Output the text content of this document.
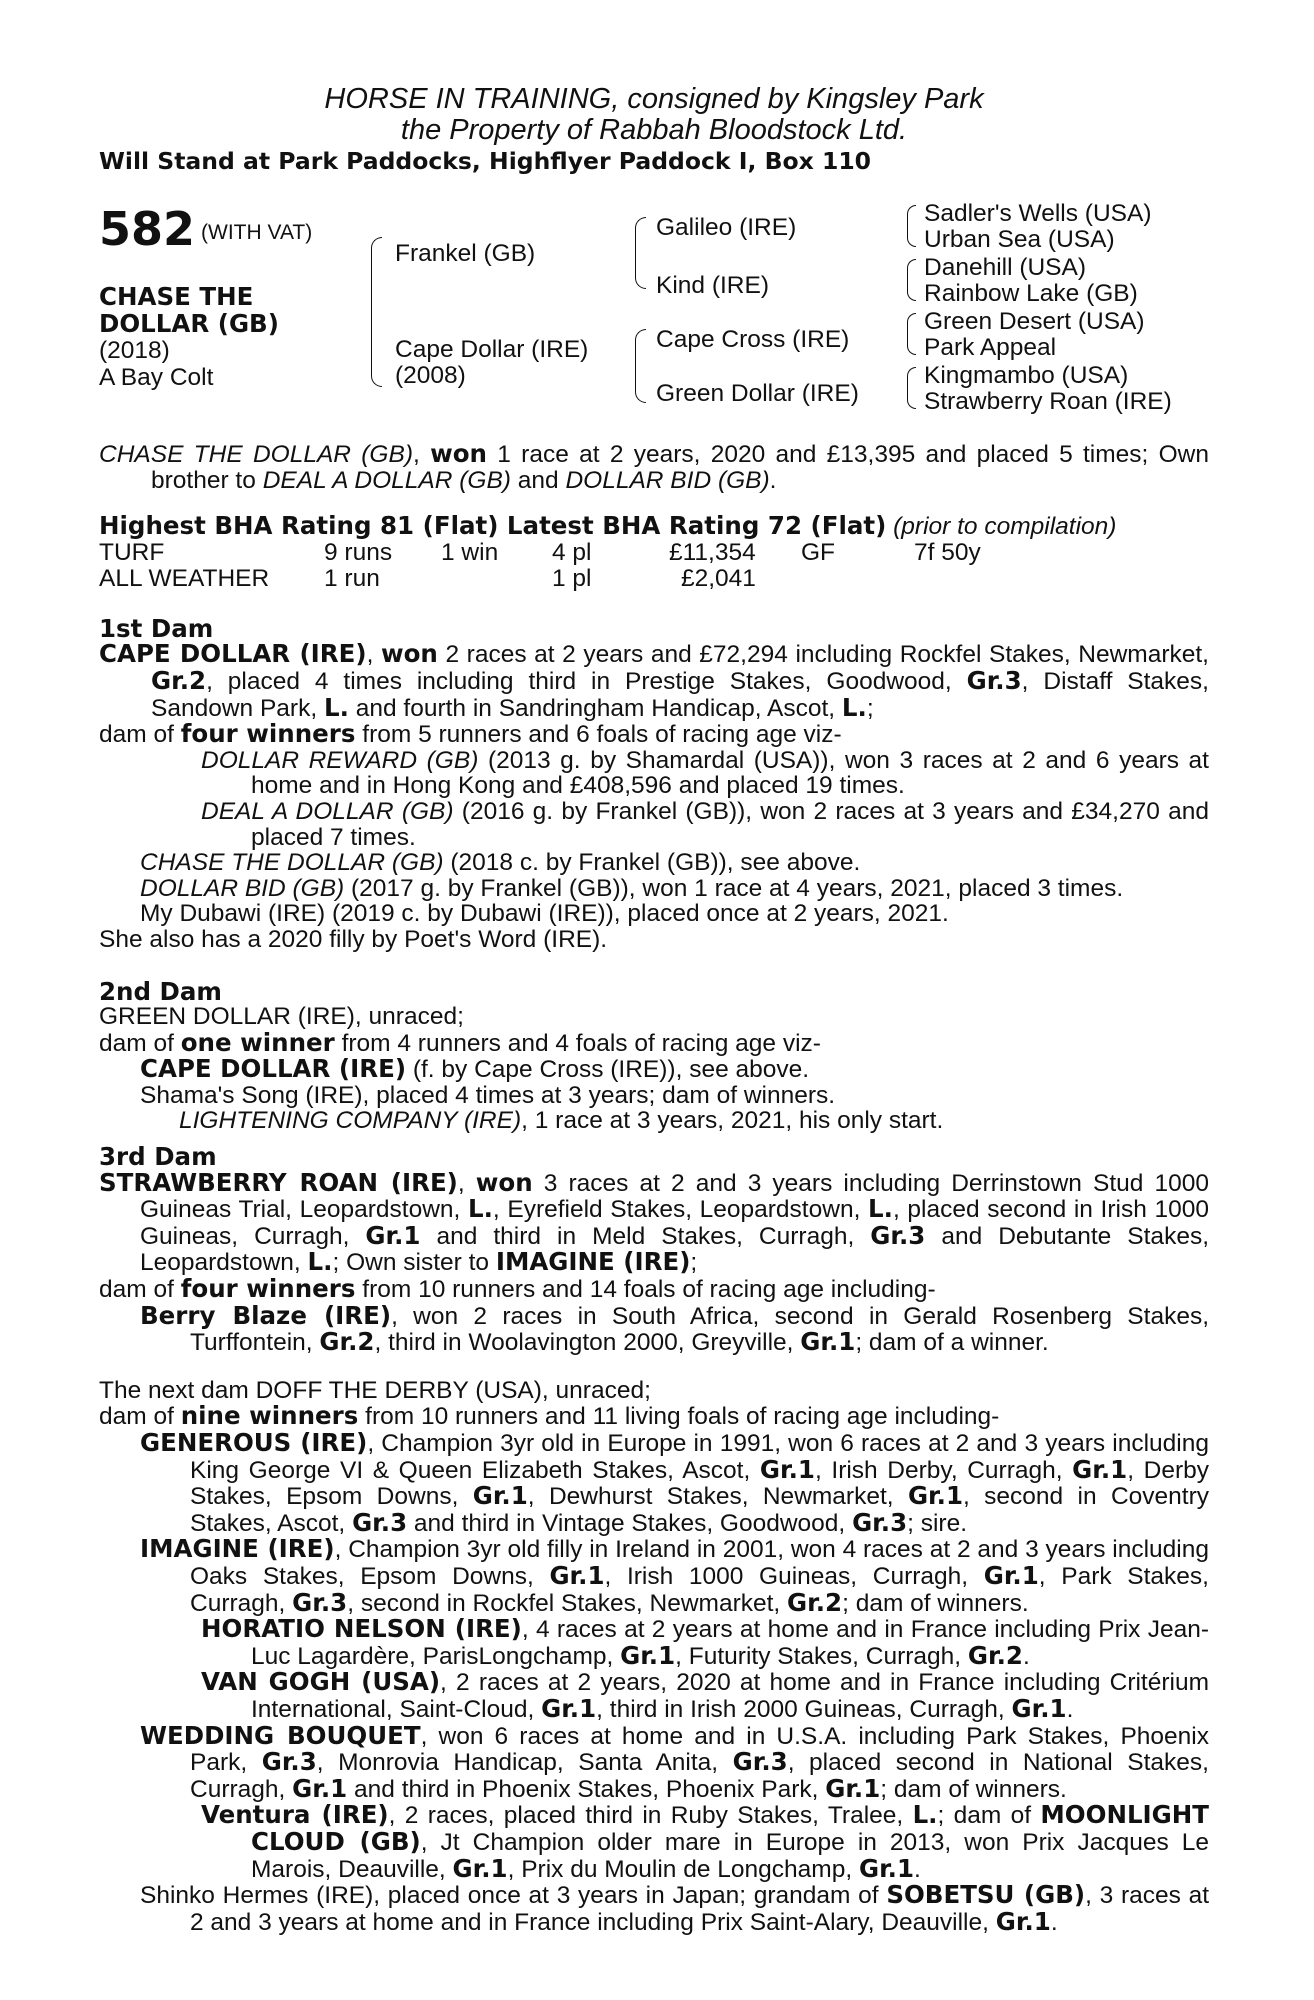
HORSE IN TRAINING, consigned by Kingsley Park
the Property of Rabbah Bloodstock Ltd.
Will Stand at Park Paddocks, Highflyer Paddock I, Box 110
582 (WITH VAT)
CHASE THE
DOLLAR (GB)
(2018)
A Bay Colt
Frankel (GB)
Cape Dollar (IRE)
(2008)
Galileo (IRE)
Kind (IRE)
Cape Cross (IRE)
Green Dollar (IRE)
Sadler's Wells (USA)
Urban Sea (USA)
Danehill (USA)
Rainbow Lake (GB)
Green Desert (USA)
Park Appeal
Kingmambo (USA)
Strawberry Roan (IRE)

CHASE THE DOLLAR (GB), won 1 race at 2 years, 2020 and £13,395 and placed 5 times; Own brother to DEAL A DOLLAR (GB) and DOLLAR BID (GB).

Highest BHA Rating 81 (Flat) Latest BHA Rating 72 (Flat) (prior to compilation)
TURF	9 runs 1 win 4 pl	£11,354 GF	7f 50y
ALL WEATHER 1 run	1 pl	£2,041
1st Dam

CAPE DOLLAR (IRE), won 2 races at 2 years and £72,294 including Rockfel Stakes, Newmarket, Gr.2, placed 4 times including third in Prestige Stakes, Goodwood, Gr.3, Distaff Stakes, Sandown Park, L. and fourth in Sandringham Handicap, Ascot, L.;

dam of four winners from 5 runners and 6 foals of racing age viz-

DOLLAR REWARD (GB) (2013 g. by Shamardal (USA)), won 3 races at 2 and 6 years at home and in Hong Kong and £408,596 and placed 19 times.

DEAL A DOLLAR (GB) (2016 g. by Frankel (GB)), won 2 races at 3 years and £34,270 and placed 7 times.

CHASE THE DOLLAR (GB) (2018 c. by Frankel (GB)), see above.

DOLLAR BID (GB) (2017 g. by Frankel (GB)), won 1 race at 4 years, 2021, placed 3 times.

My Dubawi (IRE) (2019 c. by Dubawi (IRE)), placed once at 2 years, 2021.

She also has a 2020 filly by Poet's Word (IRE).

2nd Dam

GREEN DOLLAR (IRE), unraced;

dam of one winner from 4 runners and 4 foals of racing age viz-

CAPE DOLLAR (IRE) (f. by Cape Cross (IRE)), see above.

Shama's Song (IRE), placed 4 times at 3 years; dam of winners.

LIGHTENING COMPANY (IRE), 1 race at 3 years, 2021, his only start.

3rd Dam

STRAWBERRY ROAN (IRE), won 3 races at 2 and 3 years including Derrinstown Stud 1000 Guineas Trial, Leopardstown, L., Eyrefield Stakes, Leopardstown, L., placed second in Irish 1000 Guineas, Curragh, Gr.1 and third in Meld Stakes, Curragh, Gr.3 and Debutante Stakes, Leopardstown, L.; Own sister to IMAGINE (IRE);

dam of four winners from 10 runners and 14 foals of racing age including-

Berry Blaze (IRE), won 2 races in South Africa, second in Gerald Rosenberg Stakes, Turffontein, Gr.2, third in Woolavington 2000, Greyville, Gr.1; dam of a winner.

The next dam DOFF THE DERBY (USA), unraced;

dam of nine winners from 10 runners and 11 living foals of racing age including-

GENEROUS (IRE), Champion 3yr old in Europe in 1991, won 6 races at 2 and 3 years including King George VI & Queen Elizabeth Stakes, Ascot, Gr.1, Irish Derby, Curragh, Gr.1, Derby Stakes, Epsom Downs, Gr.1, Dewhurst Stakes, Newmarket, Gr.1, second in Coventry Stakes, Ascot, Gr.3 and third in Vintage Stakes, Goodwood, Gr.3; sire.

IMAGINE (IRE), Champion 3yr old filly in Ireland in 2001, won 4 races at 2 and 3 years including Oaks Stakes, Epsom Downs, Gr.1, Irish 1000 Guineas, Curragh, Gr.1, Park Stakes, Curragh, Gr.3, second in Rockfel Stakes, Newmarket, Gr.2; dam of winners.

HORATIO NELSON (IRE), 4 races at 2 years at home and in France including Prix Jean-Luc Lagardère, ParisLongchamp, Gr.1, Futurity Stakes, Curragh, Gr.2.

VAN GOGH (USA), 2 races at 2 years, 2020 at home and in France including Critérium International, Saint-Cloud, Gr.1, third in Irish 2000 Guineas, Curragh, Gr.1.

WEDDING BOUQUET, won 6 races at home and in U.S.A. including Park Stakes, Phoenix Park, Gr.3, Monrovia Handicap, Santa Anita, Gr.3, placed second in National Stakes, Curragh, Gr.1 and third in Phoenix Stakes, Phoenix Park, Gr.1; dam of winners.

Ventura (IRE), 2 races, placed third in Ruby Stakes, Tralee, L.; dam of MOONLIGHT CLOUD (GB), Jt Champion older mare in Europe in 2013, won Prix Jacques Le Marois, Deauville, Gr.1, Prix du Moulin de Longchamp, Gr.1.

Shinko Hermes (IRE), placed once at 3 years in Japan; grandam of SOBETSU (GB), 3 races at 2 and 3 years at home and in France including Prix Saint-Alary, Deauville, Gr.1.
